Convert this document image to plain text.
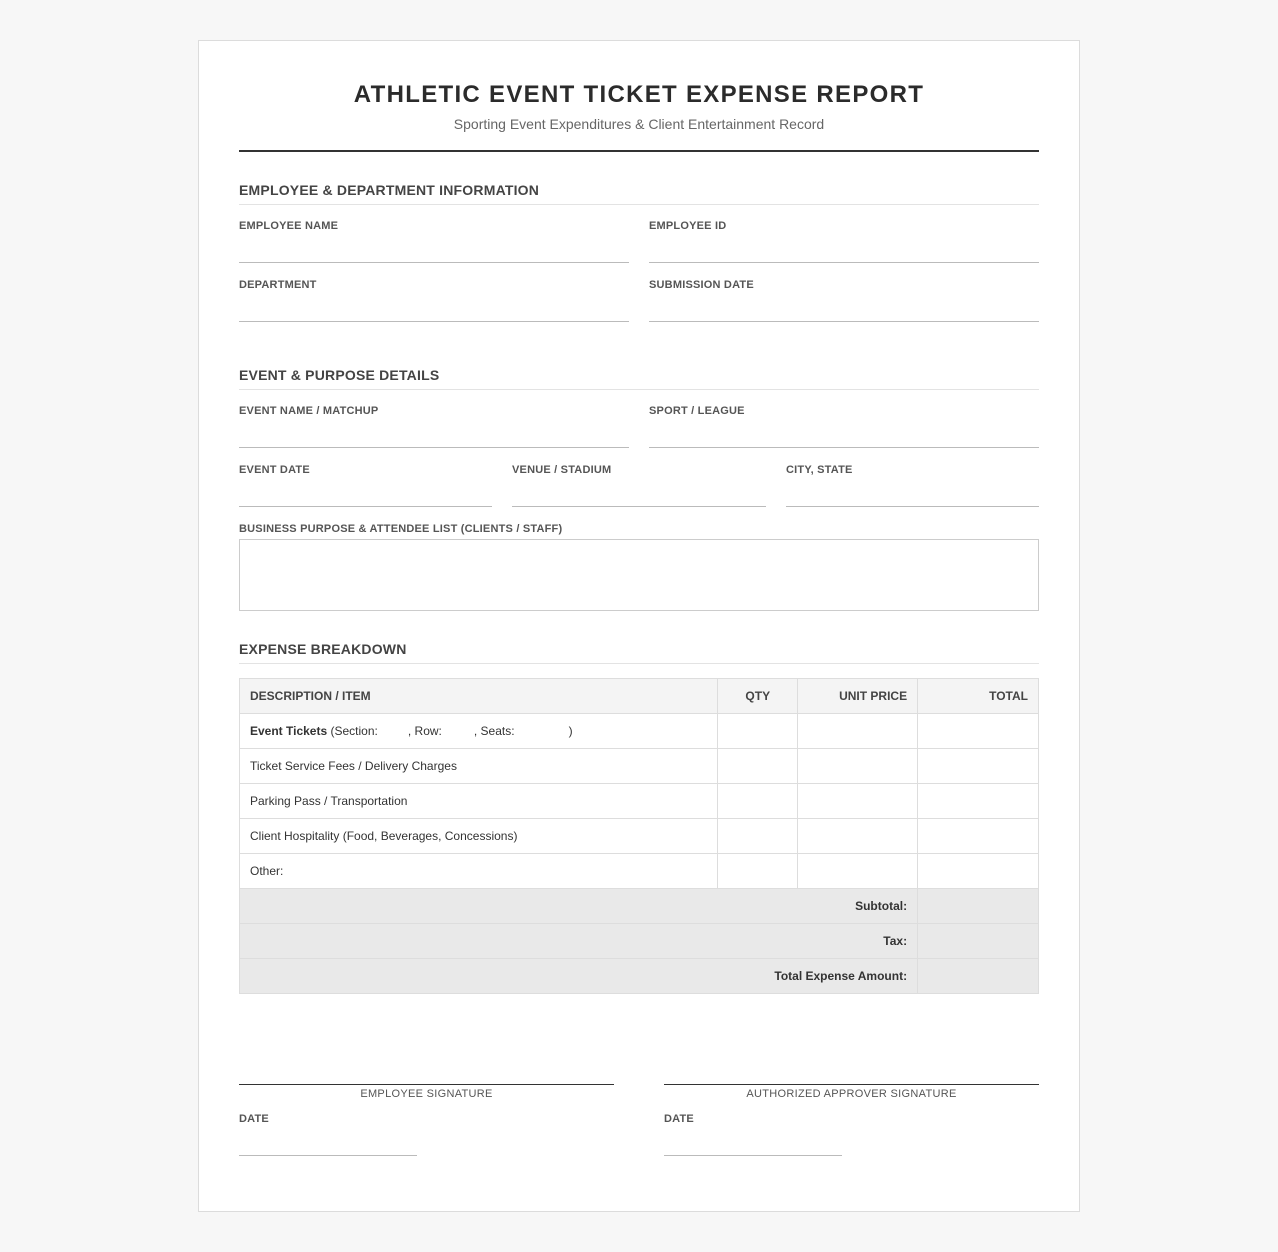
ATHLETIC EVENT TICKET EXPENSE REPORT
Sporting Event Expenditures & Client Entertainment Record
EMPLOYEE & DEPARTMENT INFORMATION
EMPLOYEE NAME	EMPLOYEE ID
DEPARTMENT	SUBMISSION DATE
EVENT & PURPOSE DETAILS
EVENT NAME / MATCHUP	SPORT / LEAGUE
EVENT DATE	VENUE / STADIUM	CITY, STATE
BUSINESS PURPOSE & ATTENDEE LIST (CLIENTS / STAFF)
EXPENSE BREAKDOWN
DESCRIPTION / ITEM	QTY	UNIT PRICE	TOTAL
Event Tickets (Section: , Row: , Seats: )			
Ticket Service Fees / Delivery Charges			
Parking Pass / Transportation			
Client Hospitality (Food, Beverages, Concessions)			
Other:			
Subtotal:			
Tax:			
Total Expense Amount:			
EMPLOYEE SIGNATURE	AUTHORIZED APPROVER SIGNATURE
DATE	DATE
